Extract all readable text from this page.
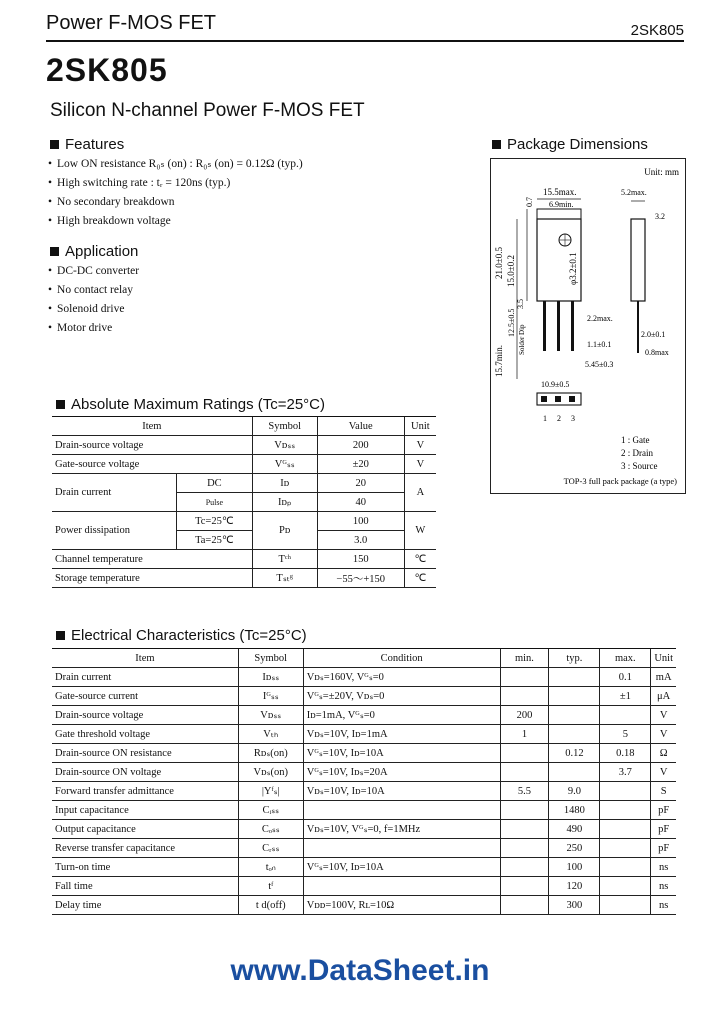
Power F-MOS FET	2SK805
2SK805
Silicon N-channel Power F-MOS FET
Features
• Low ON resistance R₀ₛ (on) : R₀ₛ (on) = 0.12Ω (typ.)
• High switching rate : tᵣ = 120ns (typ.)
• No secondary breakdown
• High breakdown voltage
Application
• DC-DC converter
• No contact relay
• Solenoid drive
• Motor drive
Package Dimensions
Unit: mm
15.5max.
6.9min.
0.7
21.0±0.5 15.0±0.2	φ3.2±0.1
15.7min.
12.5±0.5
Solder Dip
3.5
5.2max.
3.2
2.2max.
1.1±0.1
5.45±0.3
2.0±0.1
0.8max
10.9±0.5
1 2 3
1 : Gate
2 : Drain
3 : Source
TOP-3 full pack package (a type)
Absolute Maximum Ratings (Tc=25°C)
Item		Symbol	Value	Unit
Drain-source voltage		Vᴅₛₛ	200	V
Gate-source voltage		Vᴳₛₛ	±20	V
Drain current	DC	Iᴅ	20	A
	Pulse	Iᴅₚ	40	
Power dissipation	Tc=25℃	Pᴅ	100	W
	Ta=25℃		3.0	
Channel temperature		Tᶜʰ	150	℃
Storage temperature		Tₛₜᵍ	−55～+150	℃
Electrical Characteristics (Tc=25°C)
Item	Symbol	Condition	min.	typ.	max.	Unit
Drain current	Iᴅₛₛ	Vᴅₛ=160V, Vᴳₛ=0			0.1	mA
Gate-source current	Iᴳₛₛ	Vᴳₛ=±20V, Vᴅₛ=0			±1	μA
Drain-source voltage	Vᴅₛₛ	Iᴅ=1mA, Vᴳₛ=0	200			V
Gate threshold voltage	Vₜₕ	Vᴅₛ=10V, Iᴅ=1mA	1		5	V
Drain-source ON resistance	Rᴅₛ(on)	Vᴳₛ=10V, Iᴅ=10A		0.12	0.18	Ω
Drain-source ON voltage	Vᴅₛ(on)	Vᴳₛ=10V, Iᴅₛ=20A			3.7	V
Forward transfer admittance	|Yᶠₛ|	Vᴅₛ=10V, Iᴅ=10A	5.5	9.0		S
Input capacitance	Cᵢₛₛ			1480		pF
Output capacitance	Cₒₛₛ	Vᴅₛ=10V, Vᴳₛ=0, f=1MHz		490		pF
Reverse transfer capacitance	Cᵣₛₛ			250		pF
Turn-on time	tₒₙ	Vᴳₛ=10V, Iᴅ=10A		100		ns
Fall time	tᶠ			120		ns
Delay time	t d(off)	Vᴅᴅ=100V, Rʟ=10Ω		300		ns
www.DataSheet.in
